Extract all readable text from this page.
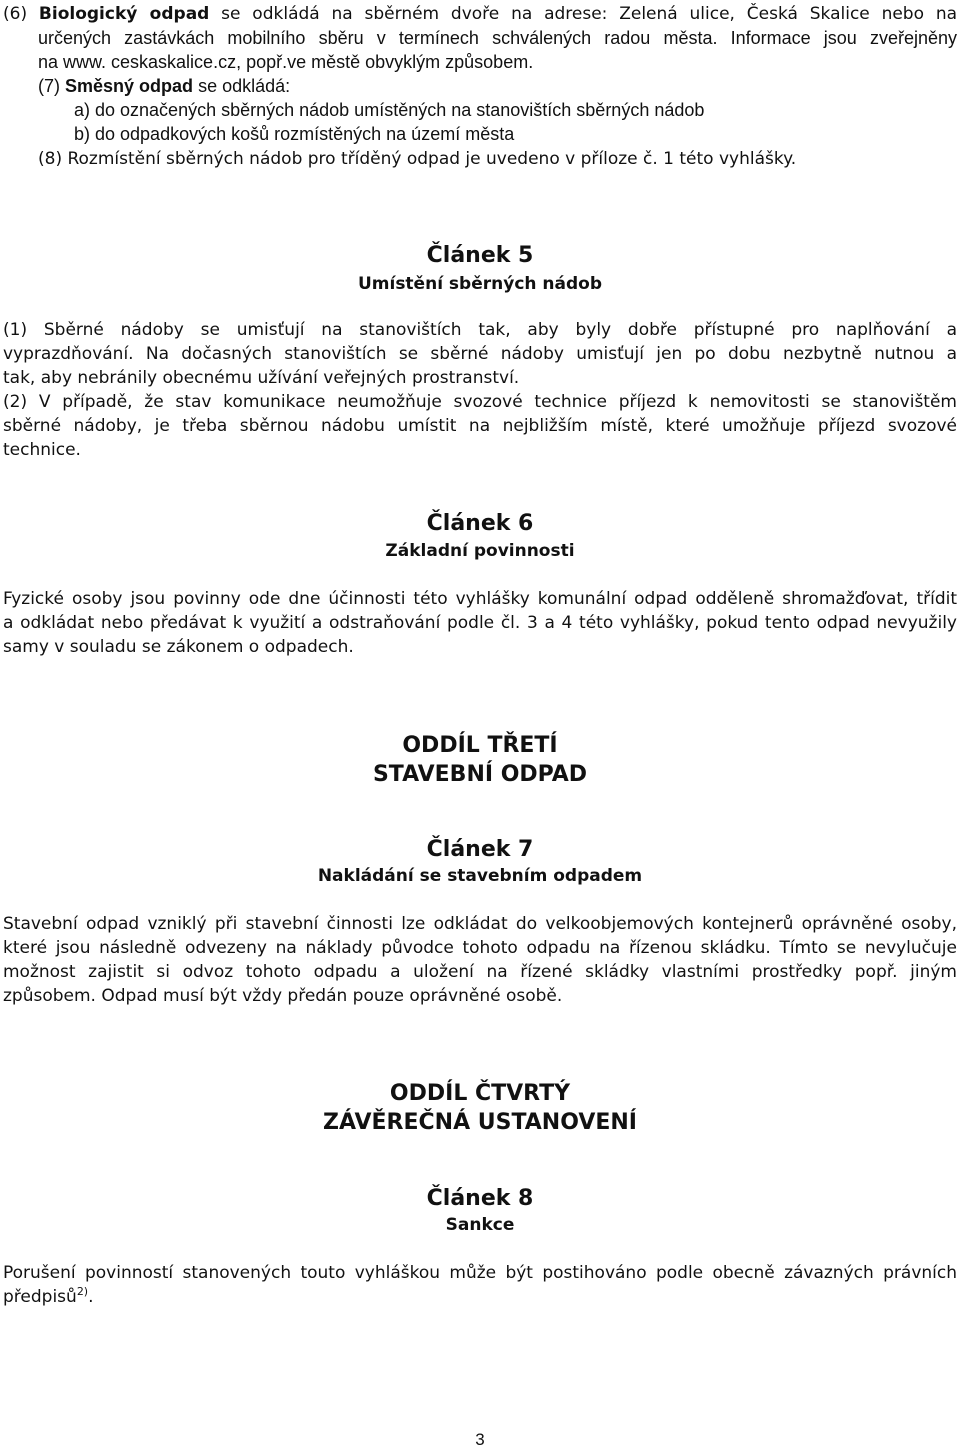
(6) Biologický odpad se odkládá na sběrném dvoře na adrese: Zelená ulice, Česká Skalice nebo na

určených zastávkách mobilního sběru v termínech schválených radou města. Informace jsou zveřejněny

na www. ceskaskalice.cz, popř.ve městě obvyklým způsobem.

(7) Směsný odpad se odkládá:

a) do označených sběrných nádob umístěných na stanovištích sběrných nádob

b) do odpadkových košů rozmístěných na území města

(8) Rozmístění sběrných nádob pro tříděný odpad je uvedeno v příloze č. 1 této vyhlášky.

Článek 5

Umístění sběrných nádob

(1) Sběrné nádoby se umisťují na stanovištích tak, aby byly dobře přístupné pro naplňování a

vyprazdňování. Na dočasných stanovištích se sběrné nádoby umisťují jen po dobu nezbytně nutnou a

tak, aby nebránily obecnému užívání veřejných prostranství.

(2) V případě, že stav komunikace neumožňuje svozové technice příjezd k nemovitosti se stanovištěm

sběrné nádoby, je třeba sběrnou nádobu umístit na nejbližším místě, které umožňuje příjezd svozové

technice.

Článek 6

Základní povinnosti

Fyzické osoby jsou povinny ode dne účinnosti této vyhlášky komunální odpad odděleně shromažďovat, třídit

a odkládat nebo předávat k využití a odstraňování podle čl. 3 a 4 této vyhlášky, pokud tento odpad nevyužily

samy v souladu se zákonem o odpadech.

ODDÍL TŘETÍ

STAVEBNÍ ODPAD

Článek 7

Nakládání se stavebním odpadem

Stavební odpad vzniklý při stavební činnosti lze odkládat do velkoobjemových kontejnerů oprávněné osoby,

které jsou následně odvezeny na náklady původce tohoto odpadu na řízenou skládku. Tímto se nevylučuje

možnost zajistit si odvoz tohoto odpadu a uložení na řízené skládky vlastními prostředky popř. jiným

způsobem. Odpad musí být vždy předán pouze oprávněné osobě.

ODDÍL ČTVRTÝ

ZÁVĚREČNÁ USTANOVENÍ

Článek 8

Sankce

Porušení povinností stanovených touto vyhláškou může být postihováno podle obecně závazných právních

předpisů$^{2)}$.

3
